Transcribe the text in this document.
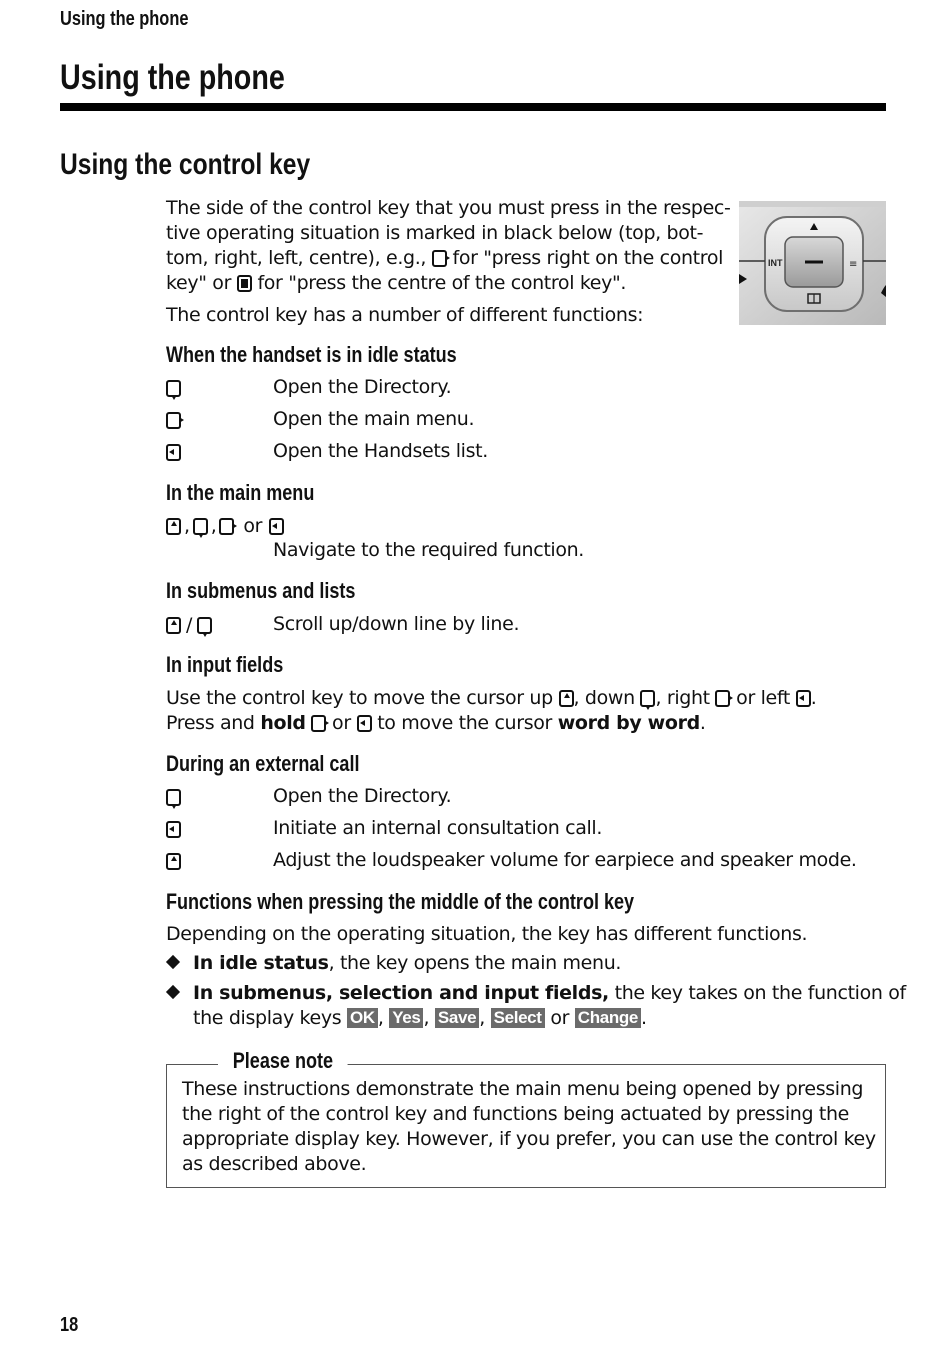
Using the phone
Using the phone
Using the control key

The side of the control key that you must press in the respec-

tive operating situation is marked in black below (top, bot-

tom, right, left, centre), e.g., for "press right on the control

key" or for "press the centre of the control key".

The control key has a number of different functions:

INT	≡
When the handset is in idle status
Open the Directory.
Open the main menu.
Open the Handsets list.
In the main menu
, , or
Navigate to the required function.
In submenus and lists
/	Scroll up/down line by line.
In input fields

Use the control key to move the cursor up , down , right or left .

Press and hold or to move the cursor word by word.

During an external call
Open the Directory.
Initiate an internal consultation call.
Adjust the loudspeaker volume for earpiece and speaker mode.
Functions when pressing the middle of the control key

Depending on the operating situation, the key has different functions.

In idle status, the key opens the main menu.
In submenus, selection and input fields, the key takes on the function of
the display keys OK , Yes , Save , Select or Change .
Please note

These instructions demonstrate the main menu being opened by pressing

the right of the control key and functions being actuated by pressing the

appropriate display key. However, if you prefer, you can use the control key

as described above.

18
